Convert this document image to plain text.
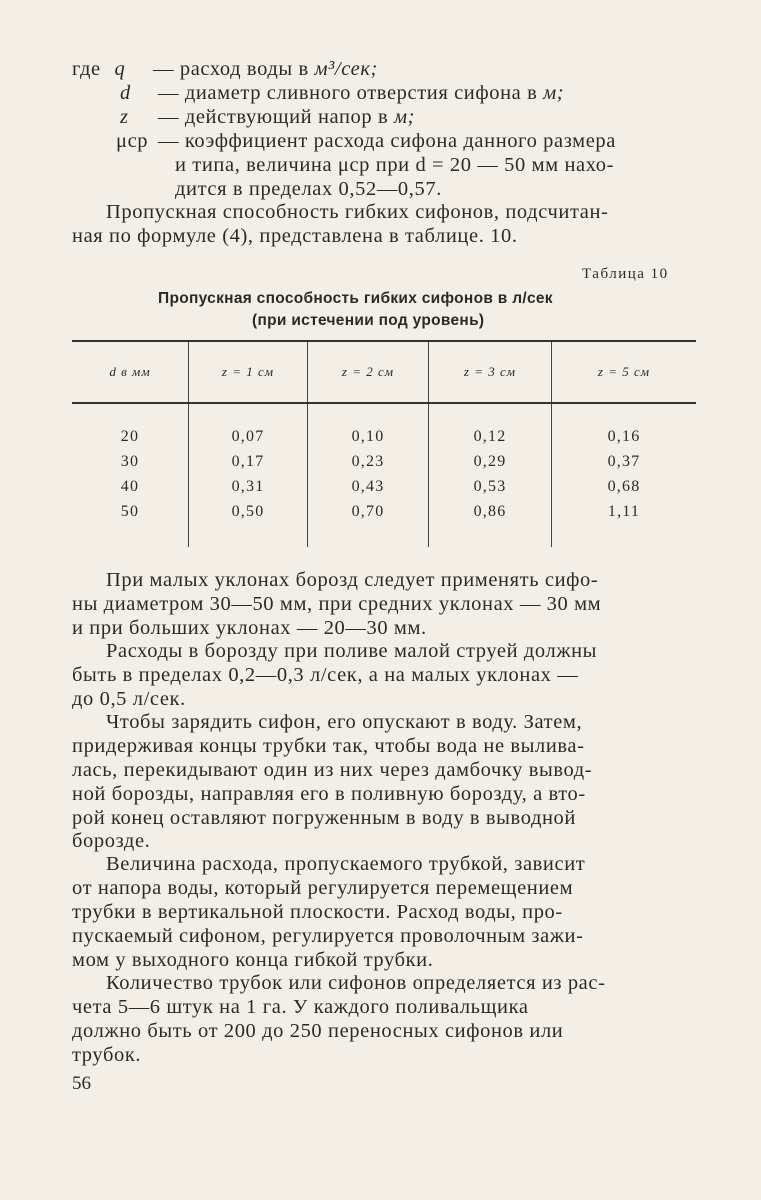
где q — расход воды в м³/сек;
d — диаметр сливного отверстия сифона в м;
z — действующий напор в м;
μcp — коэффициент расхода сифона данного размера
и типа, величина μcp при d = 20 — 50 мм нахо-
дится в пределах 0,52—0,57.
Пропускная способность гибких сифонов, подсчитан-
ная по формуле (4), представлена в таблице. 10.
Таблица 10
Пропускная способность гибких сифонов в л/сек
(при истечении под уровень)
d в мм	z = 1 см	z = 2 см	z = 3 см	z = 5 см

20	0,07	0,10	0,12	0,16
30	0,17	0,23	0,29	0,37
40	0,31	0,43	0,53	0,68
50	0,50	0,70	0,86	1,11

При малых уклонах борозд следует применять сифо-
ны диаметром 30—50 мм, при средних уклонах — 30 мм
и при больших уклонах — 20—30 мм.
Расходы в борозду при поливе малой струей должны
быть в пределах 0,2—0,3 л/сек, а на малых уклонах —
до 0,5 л/сек.
Чтобы зарядить сифон, его опускают в воду. Затем,
придерживая концы трубки так, чтобы вода не вылива-
лась, перекидывают один из них через дамбочку вывод-
ной борозды, направляя его в поливную борозду, а вто-
рой конец оставляют погруженным в воду в выводной
борозде.
Величина расхода, пропускаемого трубкой, зависит
от напора воды, который регулируется перемещением
трубки в вертикальной плоскости. Расход воды, про-
пускаемый сифоном, регулируется проволочным зажи-
мом у выходного конца гибкой трубки.
Количество трубок или сифонов определяется из рас-
чета 5—6 штук на 1 га. У каждого поливальщика
должно быть от 200 до 250 переносных сифонов или
трубок.
56
